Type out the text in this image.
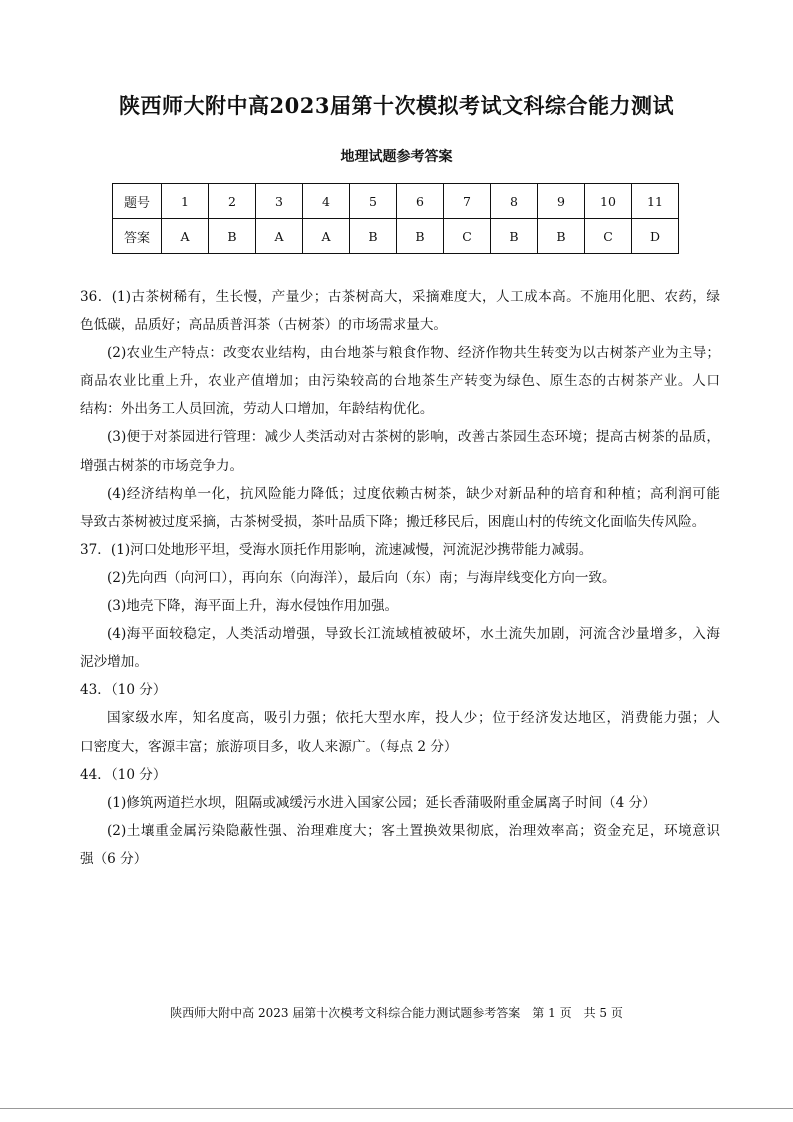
陕西师大附中高2023届第十次模拟考试文科综合能力测试
地理试题参考答案
题号	1	2	3	4	5	6	7	8	9	10	11
答案	A	B	A	A	B	B	C	B	B	C	D
36．(1)古茶树稀有，生长慢，产量少；古茶树高大，采摘难度大，人工成本高。不施用化肥、农药，绿
色低碳，品质好；高品质普洱茶（古树茶）的市场需求量大。
(2)农业生产特点：改变农业结构，由台地茶与粮食作物、经济作物共生转变为以古树茶产业为主导；
商品农业比重上升，农业产值增加；由污染较高的台地茶生产转变为绿色、原生态的古树茶产业。人口
结构：外出务工人员回流，劳动人口增加，年龄结构优化。
(3)便于对茶园进行管理：减少人类活动对古茶树的影响，改善古茶园生态环境；提高古树茶的品质，
增强古树茶的市场竞争力。
(4)经济结构单一化，抗风险能力降低；过度依赖古树茶，缺少对新品种的培育和种植；高利润可能
导致古茶树被过度采摘，古茶树受损，茶叶品质下降；搬迁移民后，困鹿山村的传统文化面临失传风险。
37．(1)河口处地形平坦，受海水顶托作用影响，流速减慢，河流泥沙携带能力减弱。
(2)先向西（向河口），再向东（向海洋），最后向（东）南；与海岸线变化方向一致。
(3)地壳下降，海平面上升，海水侵蚀作用加强。
(4)海平面较稳定，人类活动增强，导致长江流域植被破坏，水土流失加剧，河流含沙量增多，入海
泥沙增加。
43．（10 分）
国家级水库，知名度高，吸引力强；依托大型水库，投人少；位于经济发达地区，消费能力强；人
口密度大，客源丰富；旅游项目多，收人来源广。（每点 2 分）
44．（10 分）
(1)修筑两道拦水坝，阻隔或减缓污水进入国家公园；延长香蒲吸附重金属离子时间（4 分）
(2)土壤重金属污染隐蔽性强、治理难度大；客土置换效果彻底，治理效率高；资金充足，环境意识
强（6 分）
陕西师大附中高 2023 届第十次模考文科综合能力测试题参考答案　第 1 页　共 5 页
